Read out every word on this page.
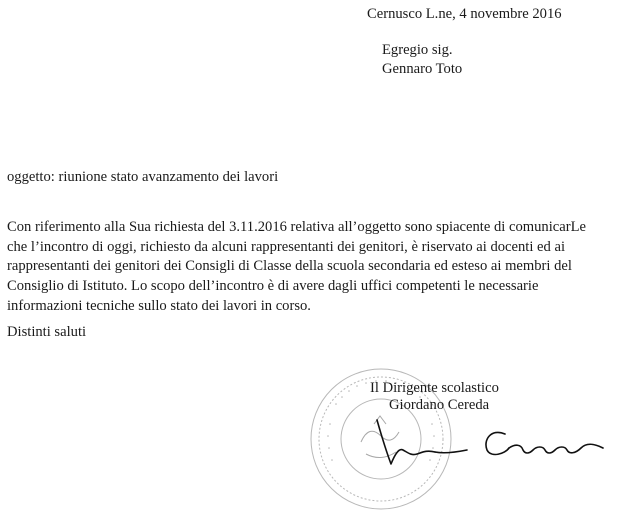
Cernusco L.ne, 4 novembre 2016
Egregio sig.
Gennaro Toto
oggetto: riunione stato avanzamento dei lavori
Con riferimento alla Sua richiesta del 3.11.2016 relativa all’oggetto sono spiacente di comunicarLe
che l’incontro di oggi, richiesto da alcuni rappresentanti dei genitori, è riservato ai docenti ed ai
rappresentanti dei genitori dei Consigli di Classe della scuola secondaria ed esteso ai membri del
Consiglio di Istituto. Lo scopo dell’incontro è di avere dagli uffici competenti le necessarie
informazioni tecniche sullo stato dei lavori in corso.
Distinti saluti
Il Dirigente scolastico
Giordano Cereda
